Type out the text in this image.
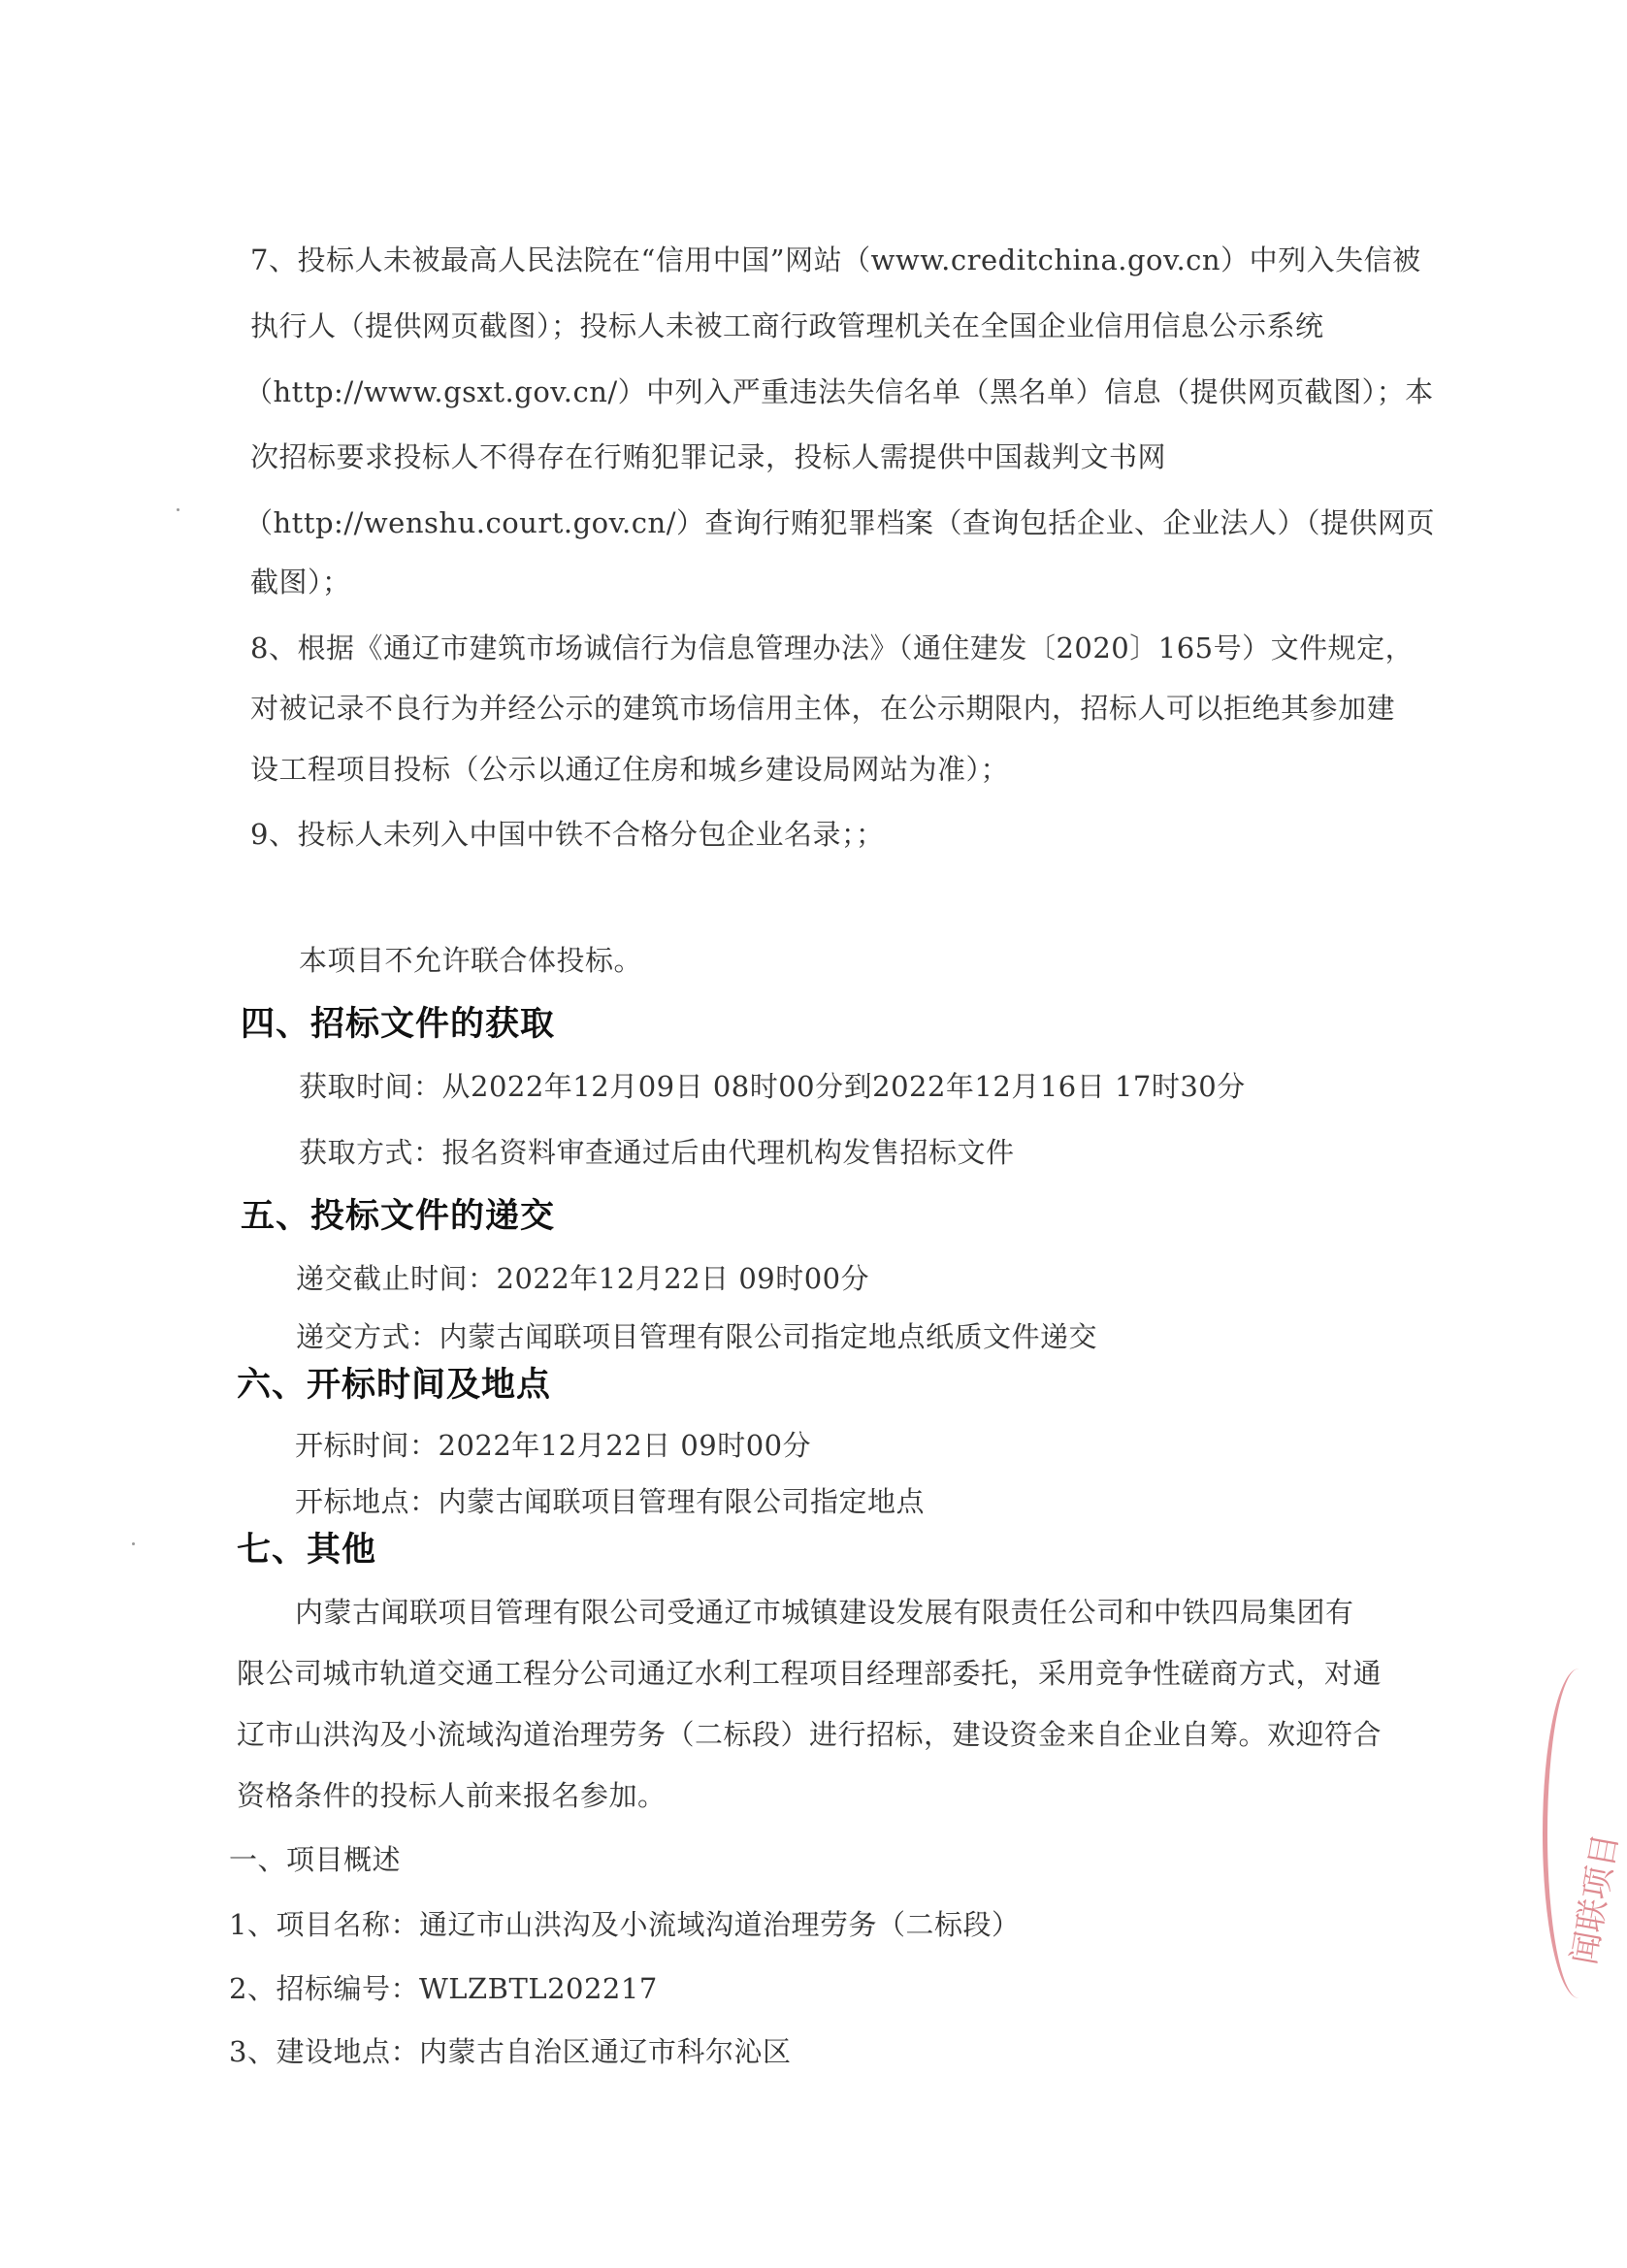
7、投标人未被最高人民法院在“信用中国”网站（www.creditchina.gov.cn）中列入失信被
执行人（提供网页截图）；投标人未被工商行政管理机关在全国企业信用信息公示系统
（http://www.gsxt.gov.cn/）中列入严重违法失信名单（黑名单）信息（提供网页截图）；本
次招标要求投标人不得存在行贿犯罪记录，投标人需提供中国裁判文书网
（http://wenshu.court.gov.cn/）查询行贿犯罪档案（查询包括企业、企业法人）（提供网页
截图）；
8、根据《通辽市建筑市场诚信行为信息管理办法》（通住建发〔2020〕165号）文件规定，
对被记录不良行为并经公示的建筑市场信用主体，在公示期限内，招标人可以拒绝其参加建
设工程项目投标（公示以通辽住房和城乡建设局网站为准）；
9、投标人未列入中国中铁不合格分包企业名录；；
本项目不允许联合体投标。
四、招标文件的获取
获取时间：从2022年12月09日 08时00分到2022年12月16日 17时30分
获取方式：报名资料审查通过后由代理机构发售招标文件
五、投标文件的递交
递交截止时间：2022年12月22日 09时00分
递交方式：内蒙古闻联项目管理有限公司指定地点纸质文件递交
六、开标时间及地点
开标时间：2022年12月22日 09时00分
开标地点：内蒙古闻联项目管理有限公司指定地点
七、其他
内蒙古闻联项目管理有限公司受通辽市城镇建设发展有限责任公司和中铁四局集团有
限公司城市轨道交通工程分公司通辽水利工程项目经理部委托，采用竞争性磋商方式，对通
辽市山洪沟及小流域沟道治理劳务（二标段）进行招标，建设资金来自企业自筹。欢迎符合
资格条件的投标人前来报名参加。
一、项目概述
1、项目名称：通辽市山洪沟及小流域沟道治理劳务（二标段）
2、招标编号：WLZBTL202217
3、建设地点：内蒙古自治区通辽市科尔沁区
闻联项目
